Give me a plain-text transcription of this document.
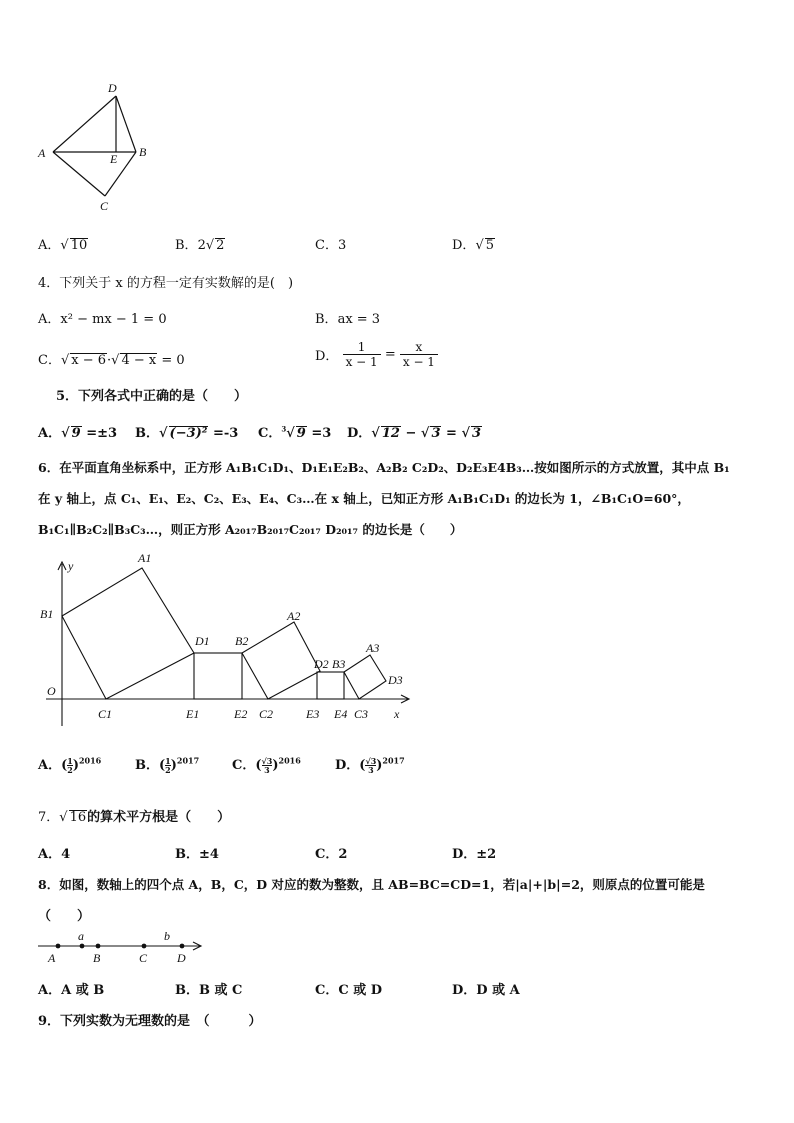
D
A	E B
C
A．√ 10	B．2√ 2	C．3	D．√ 5
4．下列关于 x 的方程一定有实数解的是(　)
A．x² − mx − 1 = 0	B．ax = 3
C．√ x − 6·√ 4 − x = 0	D． $\frac{1}{x - 1} = \frac{x}{x - 1}$
5．下列各式中正确的是（　　）
A．√ 9 =±3 B．√ (−3)² =-3 C．$^3$√ 9 =3 D．√ 12 − √ 3 = √ 3
6．在平面直角坐标系中，正方形 A₁B₁C₁D₁、D₁E₁E₂B₂、A₂B₂ C₂D₂、D₂E₃E4B₃…按如图所示的方式放置，其中点 B₁
在 y 轴上，点 C₁、E₁、E₂、C₂、E₃、E₄、C₃…在 x 轴上，已知正方形 A₁B₁C₁D₁ 的边长为 1，∠B₁C₁O=60°，
B₁C₁∥B₂C₂∥B₃C₃…，则正方形 A₂₀₁₇B₂₀₁₇C₂₀₁₇ D₂₀₁₇ 的边长是（　　）
y
x
O
A1
B1
C1
D1 B2
A2
E1	E2 C2
D2 B3
A3
D3
E3 E4 C3
A．( $\frac{1}{2} )^{2016}$	B．( $\frac{1}{2} )^{2017}$	C．( $\frac{√3}{3} )^{2016}$	D．( $\frac{√3}{3} )^{2017}$
7．√ 16的算术平方根是（　　）
A．4	B．±4	C．2	D．±2
8．如图，数轴上的四个点 A，B，C，D 对应的数为整数，且 AB=BC=CD=1，若|a|+|b|=2，则原点的位置可能是
（　　）
a	b
A	B	C D
A．A 或 B	B．B 或 C	C．C 或 D	D．D 或 A
9．下列实数为无理数的是　（　　　）
